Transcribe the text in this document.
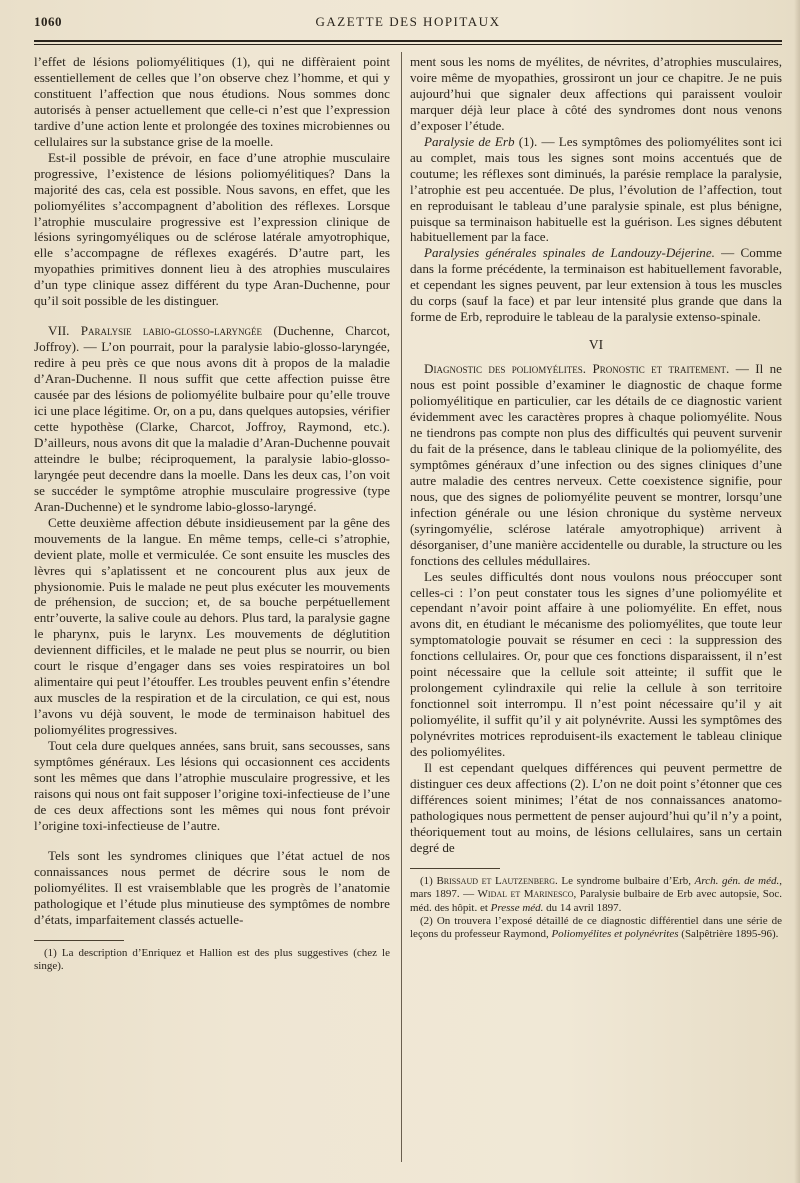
1060	GAZETTE DES HOPITAUX

l’effet de lésions poliomyélitiques (1), qui ne diffèraient point essentiellement de celles que l’on observe chez l’homme, et qui y constituent l’affection que nous étudions. Nous sommes donc autorisés à penser actuellement que celle-ci n’est que l’expression tardive d’une action lente et prolongée des toxines microbiennes ou cellulaires sur la substance grise de la moelle.

Est-il possible de prévoir, en face d’une atrophie musculaire progressive, l’existence de lésions poliomyélitiques? Dans la majorité des cas, cela est possible. Nous savons, en effet, que les poliomyélites s’accompagnent d’abolition des réflexes. Lorsque l’atrophie musculaire progressive est l’expression clinique de lésions syringomyéliques ou de sclérose latérale amyotrophique, elle s’accompagne de réflexes exagérés. D’autre part, les myopathies primitives donnent lieu à des atrophies musculaires d’un type clinique assez différent du type Aran-Duchenne, pour qu’il soit possible de les distinguer.

VII. Paralysie labio-glosso-laryngée (Duchenne, Charcot, Joffroy). — L’on pourrait, pour la paralysie labio-glosso-laryngée, redire à peu près ce que nous avons dit à propos de la maladie d’Aran-Duchenne. Il nous suffit que cette affection puisse être causée par des lésions de poliomyélite bulbaire pour qu’elle trouve ici une place légitime. Or, on a pu, dans quelques autopsies, vérifier cette hypothèse (Clarke, Charcot, Joffroy, Raymond, etc.). D’ailleurs, nous avons dit que la maladie d’Aran-Duchenne pouvait atteindre le bulbe; réciproquement, la paralysie labio-glosso-laryngée peut decendre dans la moelle. Dans les deux cas, l’on voit se succéder le symptôme atrophie musculaire progressive (type Aran-Duchenne) et le syndrome labio-glosso-laryngé.

Cette deuxième affection débute insidieusement par la gêne des mouvements de la langue. En même temps, celle-ci s’atrophie, devient plate, molle et vermiculée. Ce sont ensuite les muscles des lèvres qui s’aplatissent et ne concourent plus aux jeux de physionomie. Puis le malade ne peut plus exécuter les mouvements de préhension, de succion; et, de sa bouche perpétuellement entr’ouverte, la salive coule au dehors. Plus tard, la paralysie gagne le pharynx, puis le larynx. Les mouvements de déglutition deviennent difficiles, et le malade ne peut plus se nourrir, ou bien court le risque d’engager dans ses voies respiratoires un bol alimentaire qui peut l’étouffer. Les troubles peuvent enfin s’étendre aux muscles de la respiration et de la circulation, ce qui est, nous l’avons vu déjà souvent, le mode de terminaison habituel des poliomyélites progressives.

Tout cela dure quelques années, sans bruit, sans secousses, sans symptômes généraux. Les lésions qui occasionnent ces accidents sont les mêmes que dans l’atrophie musculaire progressive, et les raisons qui nous ont fait supposer l’origine toxi-infectieuse de l’une de ces deux affections sont les mêmes qui nous font prévoir l’origine toxi-infectieuse de l’autre.

Tels sont les syndromes cliniques que l’état actuel de nos connaissances nous permet de décrire sous le nom de poliomyélites. Il est vraisemblable que les progrès de l’anatomie pathologique et l’étude plus minutieuse des symptômes de nombre d’états, imparfaitement classés actuelle-

(1) La description d’Enriquez et Hallion est des plus suggestives (chez le singe).

ment sous les noms de myélites, de névrites, d’atrophies musculaires, voire même de myopathies, grossiront un jour ce chapitre. Je ne puis aujourd’hui que signaler deux affections qui paraissent vouloir marquer déjà leur place à côté des syndromes dont nous venons d’exposer l’étude.

Paralysie de Erb (1). — Les symptômes des poliomyélites sont ici au complet, mais tous les signes sont moins accentués que de coutume; les réflexes sont diminués, la parésie remplace la paralysie, l’atrophie est peu accentuée. De plus, l’évolution de l’affection, tout en reproduisant le tableau d’une paralysie spinale, est plus bénigne, puisque sa terminaison habituelle est la guérison. Les signes débutent habituellement par la face.

Paralysies générales spinales de Landouzy-Déjerine. — Comme dans la forme précédente, la terminaison est habituellement favorable, et cependant les signes peuvent, par leur extension à tous les muscles du corps (sauf la face) et par leur intensité plus grande que dans la forme de Erb, reproduire le tableau de la paralysie extenso-spinale.

VI

Diagnostic des poliomyélites. Pronostic et traitement. — Il ne nous est point possible d’examiner le diagnostic de chaque forme poliomyélitique en particulier, car les détails de ce diagnostic varient évidemment avec les caractères propres à chaque poliomyélite. Nous ne tiendrons pas compte non plus des difficultés qui peuvent survenir du fait de la présence, dans le tableau clinique de la poliomyélite, des symptômes généraux d’une infection ou des signes cliniques d’une autre maladie des centres nerveux. Cette coexistence signifie, pour nous, que des signes de poliomyélite peuvent se montrer, lorsqu’une infection générale ou une lésion chronique du système nerveux (syringomyélie, sclérose latérale amyotrophique) arrivent à désorganiser, d’une manière accidentelle ou durable, la structure ou les fonctions des cellules médullaires.

Les seules difficultés dont nous voulons nous préoccuper sont celles-ci : l’on peut constater tous les signes d’une poliomyélite et cependant n’avoir point affaire à une poliomyélite. En effet, nous avons dit, en étudiant le mécanisme des poliomyélites, que toute leur symptomatologie pouvait se résumer en ceci : la suppression des fonctions cellulaires. Or, pour que ces fonctions disparaissent, il n’est point nécessaire que la cellule soit atteinte; il suffit que le prolongement cylindraxile qui relie la cellule à son territoire fonctionnel soit interrompu. Il n’est point nécessaire qu’il y ait poliomyélite, il suffit qu’il y ait polynévrite. Aussi les symptômes des polynévrites motrices reproduisent-ils exactement le tableau clinique des poliomyélites.

Il est cependant quelques différences qui peuvent permettre de distinguer ces deux affections (2). L’on ne doit point s’étonner que ces différences soient minimes; l’état de nos connaissances anatomo-pathologiques nous permettent de penser aujourd’hui qu’il n’y a point, théoriquement tout au moins, de lésions cellulaires, sans un certain degré de

(1) Brissaud et Lautzenberg. Le syndrome bulbaire d’Erb, Arch. gén. de méd., mars 1897. — Widal et Marinesco, Paralysie bulbaire de Erb avec autopsie, Soc. méd. des hôpit. et Presse méd. du 14 avril 1897.

(2) On trouvera l’exposé détaillé de ce diagnostic différentiel dans une série de leçons du professeur Raymond, Poliomyélites et polynévrites (Salpêtrière 1895-96).
